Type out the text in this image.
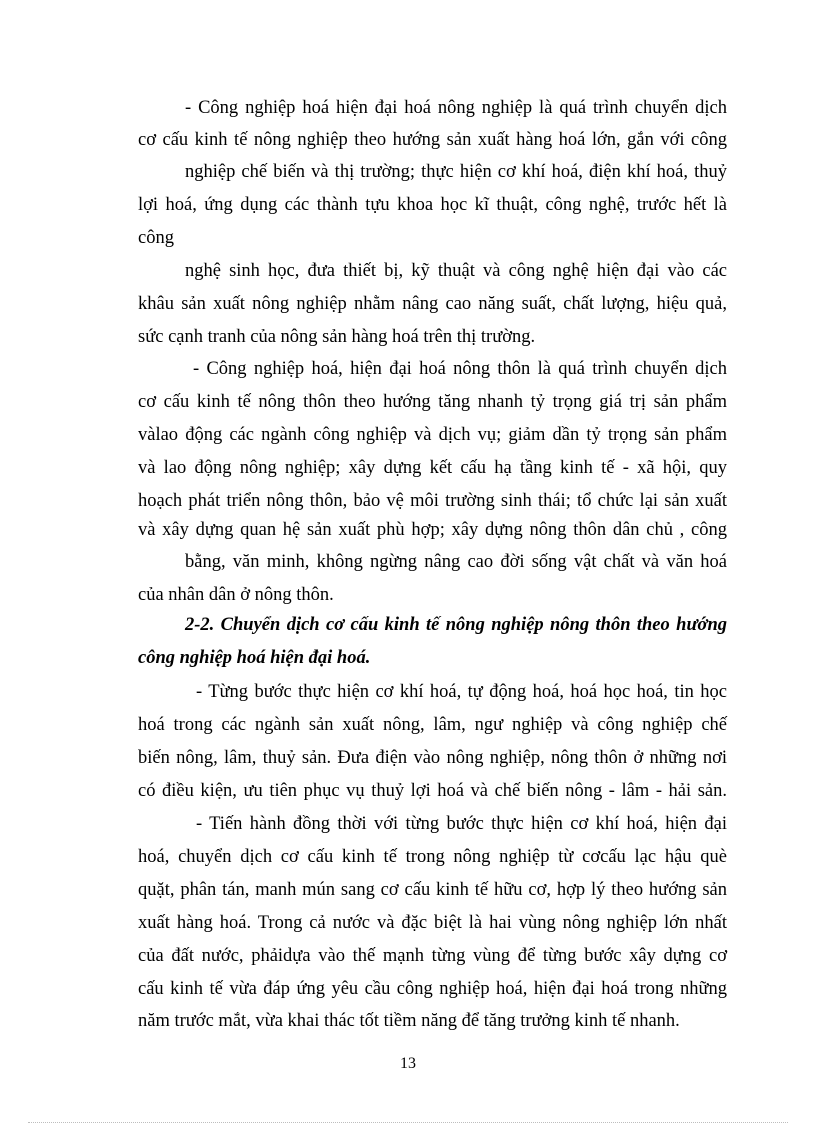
- Công nghiệp hoá hiện đại hoá nông nghiệp là quá trình chuyển dịch
cơ cấu kinh tế nông nghiệp theo hướng sản xuất hàng hoá lớn, gắn với công
nghiệp chế biến và thị trường; thực hiện cơ khí hoá, điện khí hoá, thuỷ
lợi hoá, ứng dụng các thành tựu khoa học kĩ thuật, công nghệ, trước hết là
công
nghệ sinh học, đưa thiết bị, kỹ thuật và công nghệ hiện đại vào các
khâu sản xuất nông nghiệp nhằm nâng cao năng suất, chất lượng, hiệu quả,
sức cạnh tranh của nông sản hàng hoá trên thị trường.
- Công nghiệp hoá, hiện đại hoá nông thôn là quá trình chuyển dịch
cơ cấu kinh tế nông thôn theo hướng tăng nhanh tỷ trọng giá trị sản phẩm
vàlao động các ngành công nghiệp và dịch vụ; giảm dần tỷ trọng sản phẩm
và lao động nông nghiệp; xây dựng kết cấu hạ tầng kinh tế - xã hội, quy
hoạch phát triển nông thôn, bảo vệ môi trường sinh thái; tổ chức lại sản xuất
và xây dựng quan hệ sản xuất phù hợp; xây dựng nông thôn dân chủ , công
bằng, văn minh, không ngừng nâng cao đời sống vật chất và văn hoá
của nhân dân ở nông thôn.
2-2. Chuyển dịch cơ cấu kinh tế nông nghiệp nông thôn theo hướng
công nghiệp hoá hiện đại hoá.
- Từng bước thực hiện cơ khí hoá, tự động hoá, hoá học hoá, tin học
hoá trong các ngành sản xuất nông, lâm, ngư nghiệp và công nghiệp chế
biến nông, lâm, thuỷ sản. Đưa điện vào nông nghiệp, nông thôn ở những nơi
có điều kiện, ưu tiên phục vụ thuỷ lợi hoá và chế biến nông - lâm - hải sản.
- Tiến hành đồng thời với từng bước thực hiện cơ khí hoá, hiện đại
hoá, chuyển dịch cơ cấu kinh tế trong nông nghiệp từ cơcấu lạc hậu què
quặt, phân tán, manh mún sang cơ cấu kinh tế hữu cơ, hợp lý theo hướng sản
xuất hàng hoá. Trong cả nước và đặc biệt là hai vùng nông nghiệp lớn nhất
của đất nước, phảidựa vào thế mạnh từng vùng để từng bước xây dựng cơ
cấu kinh tế vừa đáp ứng yêu cầu công nghiệp hoá, hiện đại hoá trong những
năm trước mắt, vừa khai thác tốt tiềm năng để tăng trưởng kinh tế nhanh.
13
